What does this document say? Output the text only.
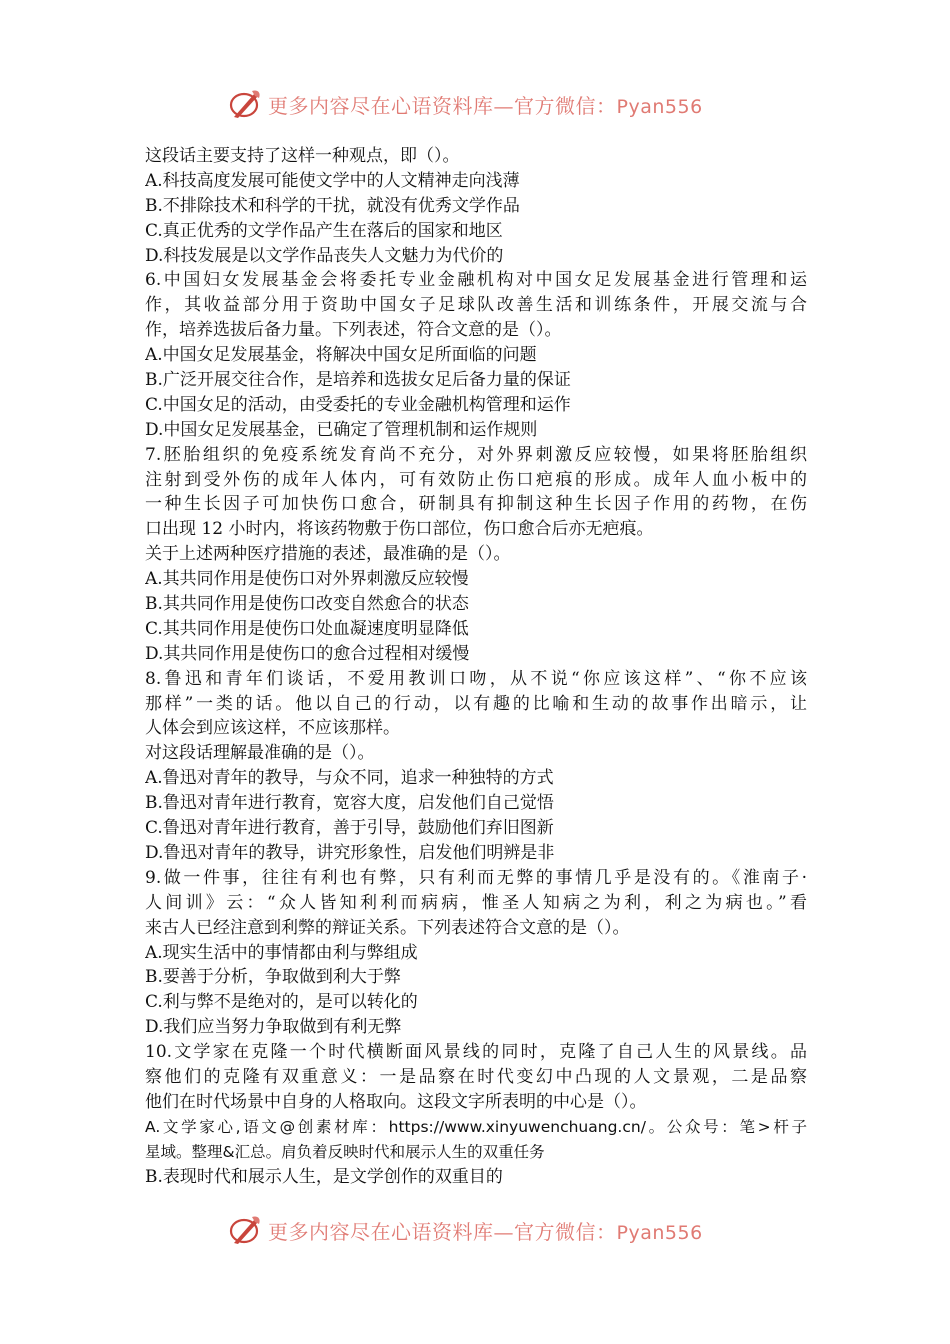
更多内容尽在心语资料库—官方微信：Pyan556
这段话主要支持了这样一种观点，即（）。
A.科技高度发展可能使文学中的人文精神走向浅薄
B.不排除技术和科学的干扰，就没有优秀文学作品
C.真正优秀的文学作品产生在落后的国家和地区
D.科技发展是以文学作品丧失人文魅力为代价的
6.中国妇女发展基金会将委托专业金融机构对中国女足发展基金进行管理和运
作，其收益部分用于资助中国女子足球队改善生活和训练条件，开展交流与合
作，培养选拔后备力量。下列表述，符合文意的是（）。
A.中国女足发展基金，将解决中国女足所面临的问题
B.广泛开展交往合作，是培养和选拔女足后备力量的保证
C.中国女足的活动，由受委托的专业金融机构管理和运作
D.中国女足发展基金，已确定了管理机制和运作规则
7.胚胎组织的免疫系统发育尚不充分，对外界刺激反应较慢，如果将胚胎组织
注射到受外伤的成年人体内，可有效防止伤口疤痕的形成。成年人血小板中的
一种生长因子可加快伤口愈合，研制具有抑制这种生长因子作用的药物，在伤
口出现 12 小时内，将该药物敷于伤口部位，伤口愈合后亦无疤痕。
关于上述两种医疗措施的表述，最准确的是（）。
A.其共同作用是使伤口对外界刺激反应较慢
B.其共同作用是使伤口改变自然愈合的状态
C.其共同作用是使伤口处血凝速度明显降低
D.其共同作用是使伤口的愈合过程相对缓慢
8.鲁迅和青年们谈话，不爱用教训口吻，从不说“你应该这样”、“你不应该
那样”一类的话。他以自己的行动，以有趣的比喻和生动的故事作出暗示，让
人体会到应该这样，不应该那样。
对这段话理解最准确的是（）。
A.鲁迅对青年的教导，与众不同，追求一种独特的方式
B.鲁迅对青年进行教育，宽容大度，启发他们自己觉悟
C.鲁迅对青年进行教育，善于引导，鼓励他们弃旧图新
D.鲁迅对青年的教导，讲究形象性，启发他们明辨是非
9.做一件事，往往有利也有弊，只有利而无弊的事情几乎是没有的。《淮南子·
人间训》云：“众人皆知利利而病病，惟圣人知病之为利，利之为病也。”看
来古人已经注意到利弊的辩证关系。下列表述符合文意的是（）。
A.现实生活中的事情都由利与弊组成
B.要善于分析，争取做到利大于弊
C.利与弊不是绝对的，是可以转化的
D.我们应当努力争取做到有利无弊
10.文学家在克隆一个时代横断面风景线的同时，克隆了自己人生的风景线。品
察他们的克隆有双重意义：一是品察在时代变幻中凸现的人文景观，二是品察
他们在时代场景中自身的人格取向。这段文字所表明的中心是（）。
A.文学家心,语文@创素材库：https://www.xinyuwenchuang.cn/。公众号：笔>杆子
星域。整理&汇总。肩负着反映时代和展示人生的双重任务
B.表现时代和展示人生，是文学创作的双重目的
更多内容尽在心语资料库—官方微信：Pyan556
